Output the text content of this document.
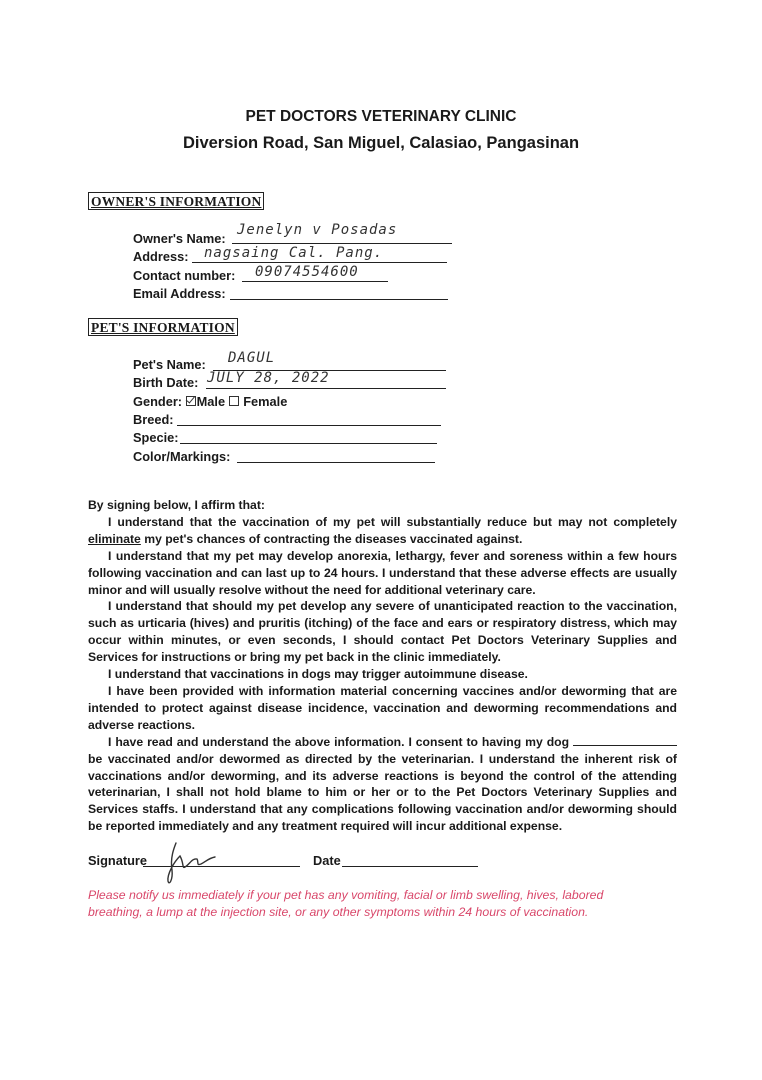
PET DOCTORS VETERINARY CLINIC
Diversion Road, San Miguel, Calasiao, Pangasinan
OWNER'S INFORMATION
Owner's Name:
Jenelyn v Posadas
Address: nagsaing Cal. Pang.
Contact number: 09074554600
Email Address:
PET'S INFORMATION
Pet's Name: DAGUL
Birth Date: JULY 28, 2022
Gender: Male Female
Breed:
Specie:
Color/Markings:

By signing below, I affirm that:

I understand that the vaccination of my pet will substantially reduce but may not completely eliminate my pet's chances of contracting the diseases vaccinated against.

I understand that my pet may develop anorexia, lethargy, fever and soreness within a few hours following vaccination and can last up to 24 hours. I understand that these adverse effects are usually minor and will usually resolve without the need for additional veterinary care.

I understand that should my pet develop any severe of unanticipated reaction to the vaccination, such as urticaria (hives) and pruritis (itching) of the face and ears or respiratory distress, which may occur within minutes, or even seconds, I should contact Pet Doctors Veterinary Supplies and Services for instructions or bring my pet back in the clinic immediately.

I understand that vaccinations in dogs may trigger autoimmune disease.

I have been provided with information material concerning vaccines and/or deworming that are intended to protect against disease incidence, vaccination and deworming recommendations and adverse reactions.

I have read and understand the above information. I consent to having my dog  be vaccinated and/or dewormed as directed by the veterinarian. I understand the inherent risk of vaccinations and/or deworming, and its adverse reactions is beyond the control of the attending veterinarian, I shall not hold blame to him or her or to the Pet Doctors Veterinary Supplies and Services staffs. I understand that any complications following vaccination and/or deworming should be reported immediately and any treatment required will incur additional expense.

Signature	Date
Please notify us immediately if your pet has any vomiting, facial or limb swelling, hives, labored breathing, a lump at the injection site, or any other symptoms within 24 hours of vaccination.
